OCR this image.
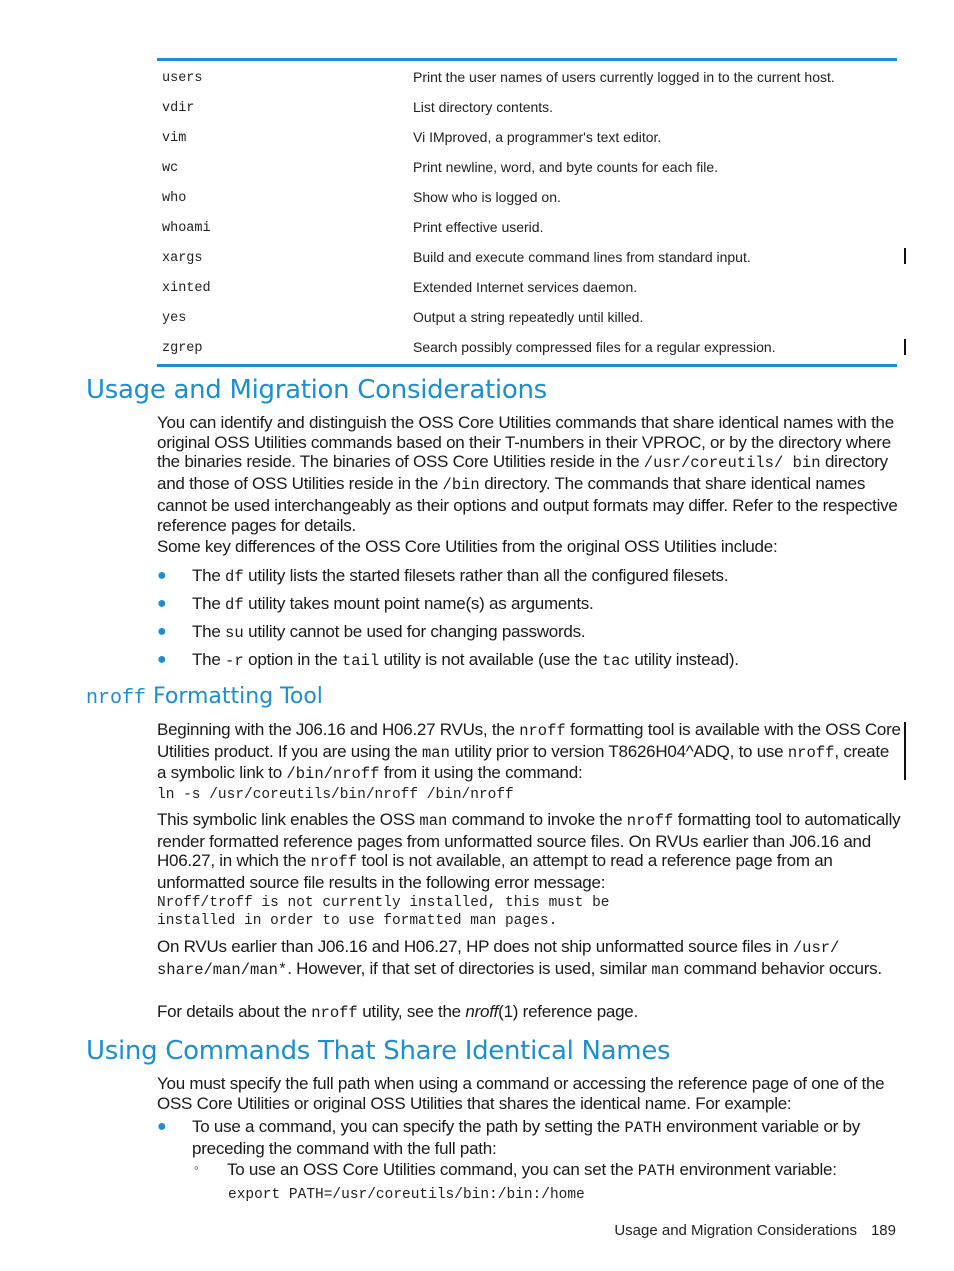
users	Print the user names of users currently logged in to the current host.
vdir	List directory contents.
vim	Vi IMproved, a programmer's text editor.
wc	Print newline, word, and byte counts for each file.
who	Show who is logged on.
whoami	Print effective userid.
xargs	Build and execute command lines from standard input.
xinted	Extended Internet services daemon.
yes	Output a string repeatedly until killed.
zgrep	Search possibly compressed files for a regular expression.
Usage and Migration Considerations

You can identify and distinguish the OSS Core Utilities commands that share identical names with the original OSS Utilities commands based on their T-numbers in their VPROC, or by the directory where the binaries reside. The binaries of OSS Core Utilities reside in the /usr/coreutils/ bin directory and those of OSS Utilities reside in the /bin directory. The commands that share identical names cannot be used interchangeably as their options and output formats may differ. Refer to the respective reference pages for details.

Some key differences of the OSS Core Utilities from the original OSS Utilities include:

● The df utility lists the started filesets rather than all the configured filesets.
● The df utility takes mount point name(s) as arguments.
● The su utility cannot be used for changing passwords.
● The -r option in the tail utility is not available (use the tac utility instead).
nroff Formatting Tool

Beginning with the J06.16 and H06.27 RVUs, the nroff formatting tool is available with the OSS Core Utilities product. If you are using the man utility prior to version T8626H04^ADQ, to use nroff, create a symbolic link to /bin/nroff from it using the command:

ln -s /usr/coreutils/bin/nroff /bin/nroff

This symbolic link enables the OSS man command to invoke the nroff formatting tool to automatically render formatted reference pages from unformatted source files. On RVUs earlier than J06.16 and H06.27, in which the nroff tool is not available, an attempt to read a reference page from an unformatted source file results in the following error message:

Nroff/troff is not currently installed, this must be
installed in order to use formatted man pages.

On RVUs earlier than J06.16 and H06.27, HP does not ship unformatted source files in /usr/ share/man/man*. However, if that set of directories is used, similar man command behavior occurs.

For details about the nroff utility, see the nroff(1) reference page.

Using Commands That Share Identical Names

You must specify the full path when using a command or accessing the reference page of one of the OSS Core Utilities or original OSS Utilities that shares the identical name. For example:

● To use a command, you can specify the path by setting the PATH environment variable or by preceding the command with the full path:
◦ To use an OSS Core Utilities command, you can set the PATH environment variable:
export PATH=/usr/coreutils/bin:/bin:/home
Usage and Migration Considerations 189
